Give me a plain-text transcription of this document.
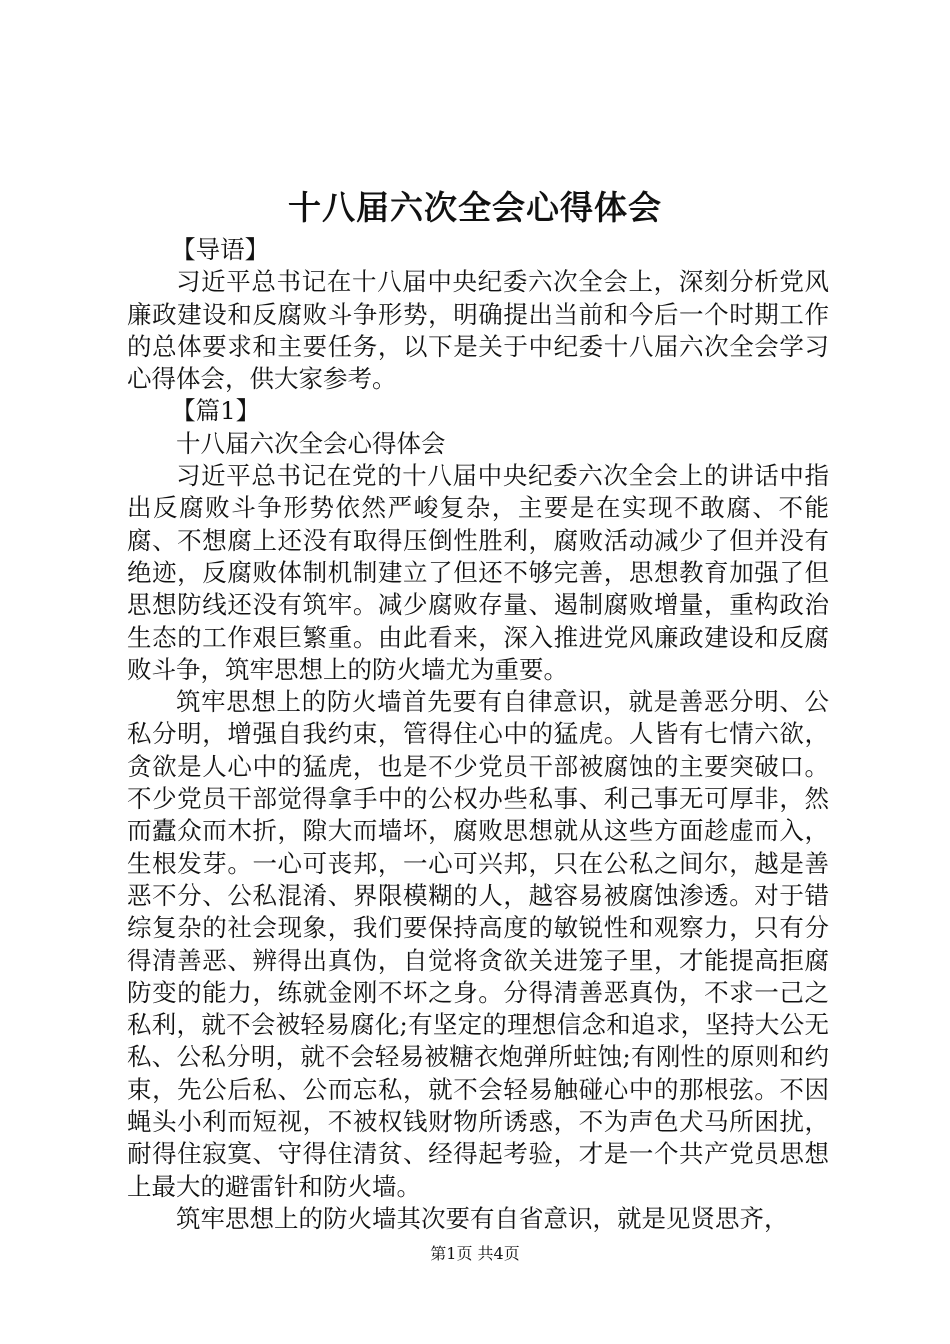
十八届六次全会心得体会

【导语】

习近平总书记在十八届中央纪委六次全会上，深刻分析党风廉政建设和反腐败斗争形势，明确提出当前和今后一个时期工作的总体要求和主要任务，以下是关于中纪委十八届六次全会学习心得体会，供大家参考。

【篇1】

十八届六次全会心得体会

习近平总书记在党的十八届中央纪委六次全会上的讲话中指出反腐败斗争形势依然严峻复杂，主要是在实现不敢腐、不能腐、不想腐上还没有取得压倒性胜利，腐败活动减少了但并没有绝迹，反腐败体制机制建立了但还不够完善，思想教育加强了但思想防线还没有筑牢。减少腐败存量、遏制腐败增量，重构政治生态的工作艰巨繁重。由此看来，深入推进党风廉政建设和反腐败斗争，筑牢思想上的防火墙尤为重要。

筑牢思想上的防火墙首先要有自律意识，就是善恶分明、公私分明，增强自我约束，管得住心中的猛虎。人皆有七情六欲，贪欲是人心中的猛虎，也是不少党员干部被腐蚀的主要突破口。不少党员干部觉得拿手中的公权办些私事、利己事无可厚非，然而蠹众而木折，隙大而墙坏，腐败思想就从这些方面趁虚而入，生根发芽。一心可丧邦，一心可兴邦，只在公私之间尔，越是善恶不分、公私混淆、界限模糊的人，越容易被腐蚀渗透。对于错综复杂的社会现象，我们要保持高度的敏锐性和观察力，只有分得清善恶、辨得出真伪，自觉将贪欲关进笼子里，才能提高拒腐防变的能力，练就金刚不坏之身。分得清善恶真伪，不求一己之私利，就不会被轻易腐化;有坚定的理想信念和追求，坚持大公无私、公私分明，就不会轻易被糖衣炮弹所蛀蚀;有刚性的原则和约束，先公后私、公而忘私，就不会轻易触碰心中的那根弦。不因蝇头小利而短视，不被权钱财物所诱惑，不为声色犬马所困扰，耐得住寂寞、守得住清贫、经得起考验，才是一个共产党员思想上最大的避雷针和防火墙。

筑牢思想上的防火墙其次要有自省意识，就是见贤思齐，

第1页 共4页
